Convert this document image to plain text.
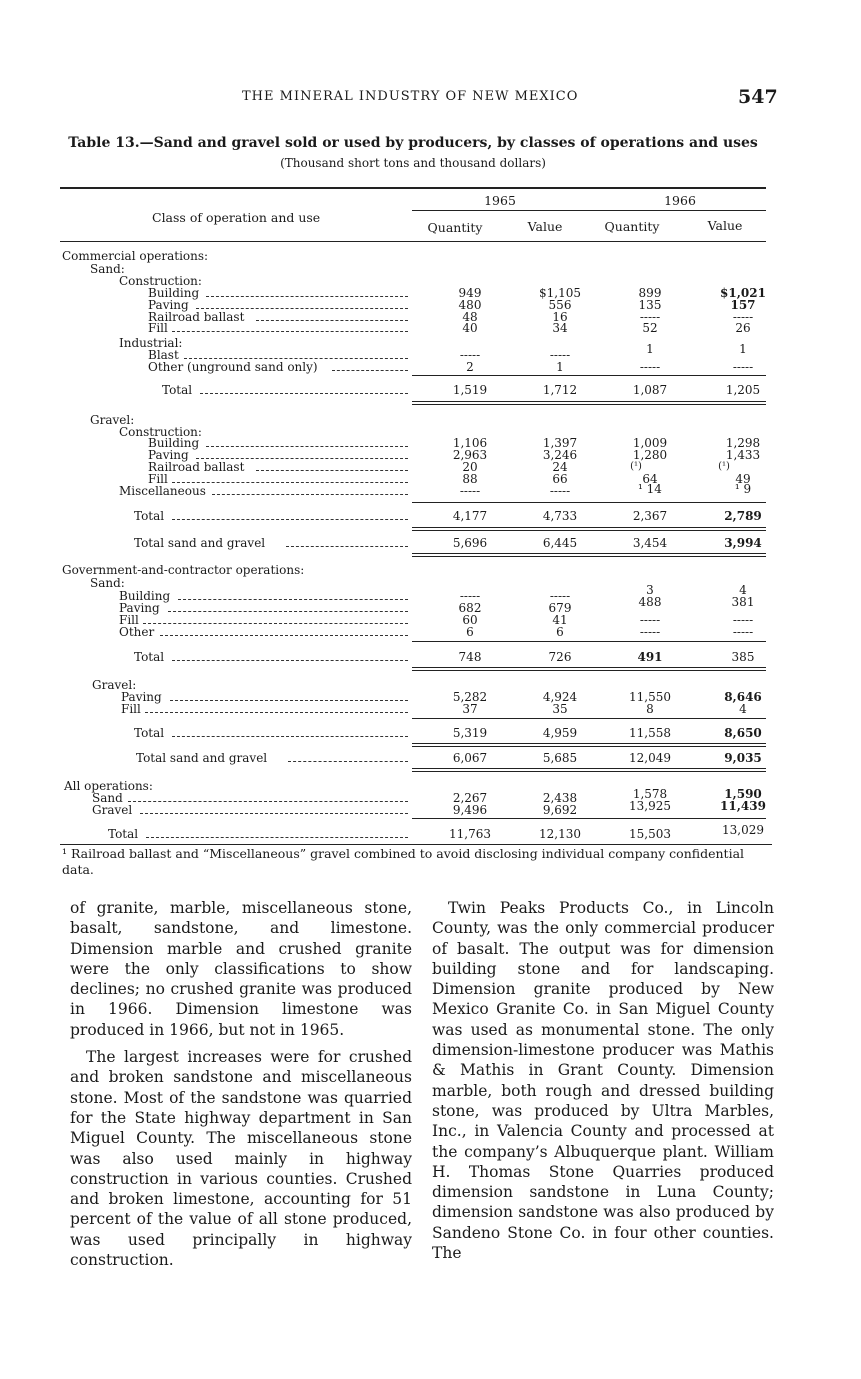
THE MINERAL INDUSTRY OF NEW MEXICO	547
Table 13.—Sand and gravel sold or used by producers, by classes of operations and uses
(Thousand short tons and thousand dollars)
Class of operation and use
1965	1966
Quantity	Value	Quantity	Value
Commercial operations:
Sand:
Construction:
Building	949	$1,105	899	$1,021
Paving	480	556	135	157
Railroad ballast	48	16	-----	-----
Fill	40	34	52	26
Industrial:
Blast	-----	-----	1	1
Other (unground sand only)	2	1	-----	-----
Total	1,519	1,712	1,087	1,205
Gravel:
Construction:
Building	1,106	1,397	1,009	1,298
Paving	2,963	3,246	1,280	1,433
Railroad ballast	20	24	(¹)	(¹)
Fill	88	66	64	49
Miscellaneous	-----	-----	¹ 14	¹ 9
Total	4,177	4,733	2,367	2,789
Total sand and gravel	5,696	6,445	3,454	3,994
Government-and-contractor operations:
Sand:
Building	-----	-----	3	4
Paving	682	679	488	381
Fill	60	41	-----	-----
Other	6	6	-----	-----
Total	748	726	491	385
Gravel:
Paving	5,282	4,924	11,550	8,646
Fill	37	35	8	4
Total	5,319	4,959	11,558	8,650
Total sand and gravel	6,067	5,685	12,049	9,035
All operations:
Sand	2,267	2,438	1,578	1,590
Gravel	9,496	9,692	13,925	11,439
Total	11,763	12,130	15,503	13,029
¹ Railroad ballast and “Miscellaneous” gravel combined to avoid disclosing individual company confidential data.

of granite, marble, miscellaneous stone, basalt, sandstone, and limestone. Dimension marble and crushed granite were the only classifications to show declines; no crushed granite was produced in 1966. Dimension limestone was produced in 1966, but not in 1965.

The largest increases were for crushed and broken sandstone and miscellaneous stone. Most of the sandstone was quarried for the State highway department in San Miguel County. The miscellaneous stone was also used mainly in highway construction in various counties. Crushed and broken limestone, accounting for 51 percent of the value of all stone produced, was used principally in highway construction.

Twin Peaks Products Co., in Lincoln County, was the only commercial producer of basalt. The output was for dimension building stone and for landscaping. Dimension granite produced by New Mexico Granite Co. in San Miguel County was used as monumental stone. The only dimension-limestone producer was Mathis & Mathis in Grant County. Dimension marble, both rough and dressed building stone, was produced by Ultra Marbles, Inc., in Valencia County and processed at the company’s Albuquerque plant. William H. Thomas Stone Quarries produced dimension sandstone in Luna County; dimension sandstone was also produced by Sandeno Stone Co. in four other counties. The
